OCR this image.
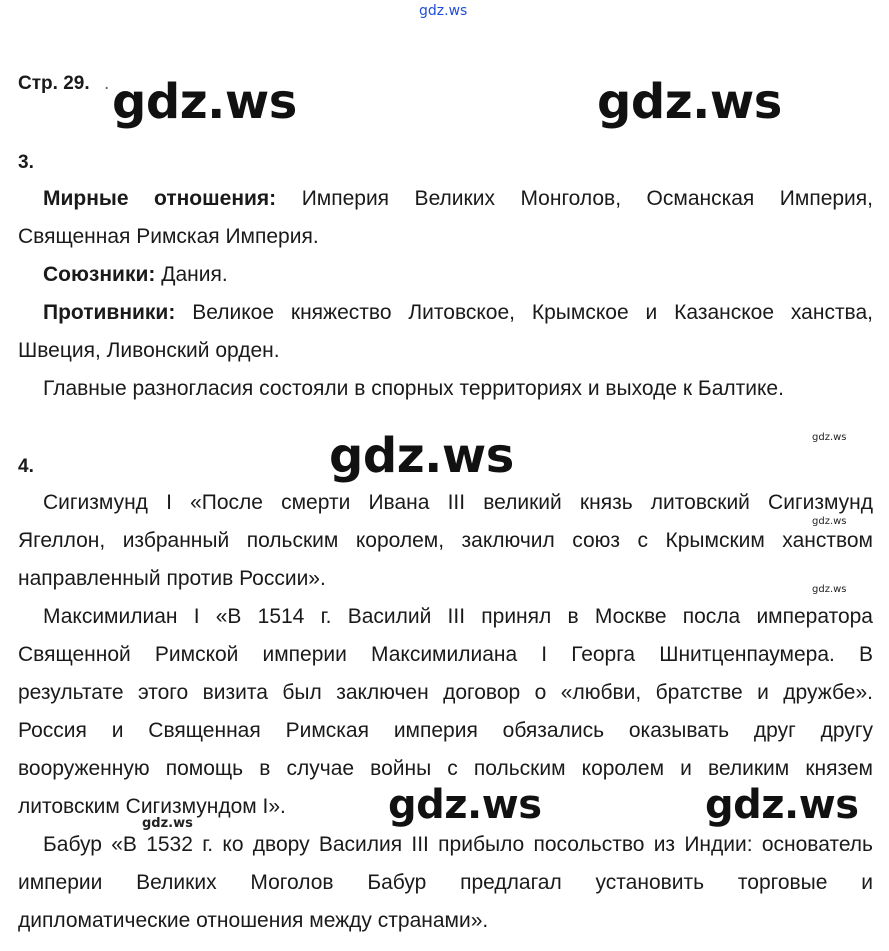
gdz.ws
Стр. 29. .
3.
Мирные отношения: Империя Великих Монголов, Османская Империя,
Священная Римская Империя.
Союзники: Дания.
Противники: Великое княжество Литовское, Крымское и Казанское ханства,
Швеция, Ливонский орден.
Главные разногласия состояли в спорных территориях и выходе к Балтике.
4.
Сигизмунд I «После смерти Ивана III великий князь литовский Сигизмунд
Ягеллон, избранный польским королем, заключил союз с Крымским ханством
направленный против России».
Максимилиан I «В 1514 г. Василий III принял в Москве посла императора
Священной Римской империи Максимилиана I Георга Шнитценпаумера. В
результате этого визита был заключен договор о «любви, братстве и дружбе».
Россия и Священная Римская империя обязались оказывать друг другу
вооруженную помощь в случае войны с польским королем и великим князем
литовским Сигизмундом I».
Бабур «В 1532 г. ко двору Василия III прибыло посольство из Индии: основатель
империи Великих Моголов Бабур предлагал установить торговые и
дипломатические отношения между странами».
gdz.ws	gdz.ws
gdz.ws
gdz.ws	gdz.ws
gdz.ws
gdz.ws
gdz.ws
gdz.ws
